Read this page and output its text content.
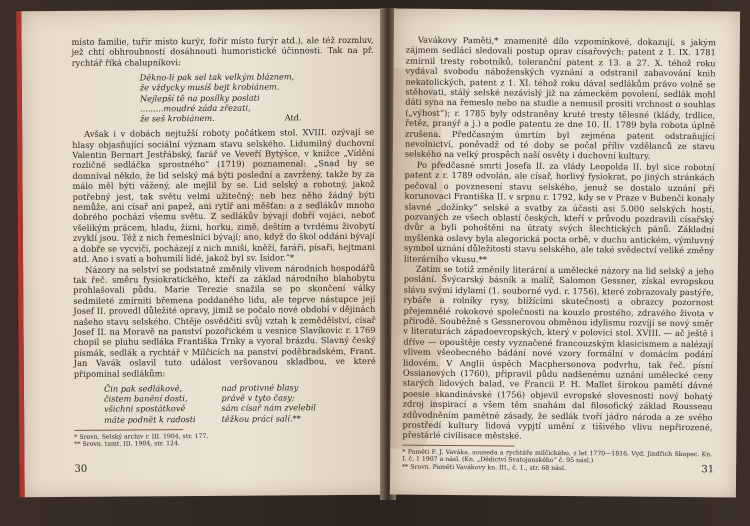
místo familie, tuřír místo kurýr, fořír místo furýr atd.), ale též rozmluv, jež chtí obhroubností dosáhnouti humoristické účinnosti. Tak na př. rychtář říká chalupníkovi:

Děkno-li pak sel tak velkým bláznem,
že vždycky musíš bejt krobiánem.
Nejlepší tě na posílky poslati
.........moudré záda zřezati,
že seš krobiánem.	Atd.

Avšak i v dobách nejtužší roboty počátkem stol. XVIII. ozývají se hlasy objasňující sociální význam stavu selského. Lidumilný duchovní Valentin Bernart Jestřábský, farář ve Veveří Bytýšce, v knížce „Vídění rozličné sedláčka sprostného“ (1719) poznamenal: „Snad by se domníval někdo, že lid selský má býti poslední a zavržený, takže by za málo měl býti vážený, ale mejlil by se. Lid selský a robotný, jakož potřebný jest, tak světu velmi užitečný; neb bez něho žádný býti nemůže, ani císař ani papež, ani rytíř ani měšťan: a z sedlákův mnoho dobrého pochází všemu světu. Z sedlákův bývají dobří vojáci, neboť všelikým prácem, hladu, žízni, horku, zimě, deštím a tvrdému živobytí zvyklí jsou. Též z nich řemeslníci bývají; ano, když do škol oddáni bývají a dobře se vycvičí, pocházejí z nich mniši, kněží, faráři, písaři, hejtmani atd. Ano i svatí a bohumilí lidé, jakož byl sv. Isidor.“*

Názory na selství se podstatně změnily vlivem národních hospodářů tak řeč. směru fysiokratického, kteří za základ národního blahobytu prohlašovali půdu. Marie Terezie snažila se po skončení války sedmileté zmírniti břemena poddaného lidu, ale teprve nástupce její Josef II. provedl důležité opravy, jimiž se počalo nové období v dějinách našeho stavu selského. Chtěje osvědčiti svůj vztah k zemědělství, císař Josef II. na Moravě na panství pozořickém u vesnice Slavíkovic r. 1769 chopil se pluhu sedláka Františka Trnky a vyoral brázdu. Slavný český písmák, sedlák a rychtář v Milčicích na panství poděbradském, Frant. Jan Vavák oslavil tuto událost veršovanou skladbou, ve které připomínal sedlákům:

Čin pak sedlákově,
čistem banění dosti,
všichni spostátkově
máte podnět k radosti
nad protivné blasy
právě v tyto časy;
sám císař nám zvelebil
těžkou práci salí.**
* Srovn. Selský archiv r. III. 1904, str. 177.
** Srovn. tamt. III. 1904, str. 124.
30

Vavákovy Paměti,* znamenité dílo vzpomínkové, dokazují, s jakým zájmem sedláci sledovali postup oprav císařových: patent z 1. IX. 1781 zmírnil tresty robotníků, toleranční patent z 13. a 27. X. téhož roku vydával svobodu náboženských vyznání a odstranil zabavování knih nekatolických, patent z 1. XI. téhož roku dával sedlákům právo volně se stěhovati, stálý selské nezávislý již na zámeckém povolení, sedlák mohl dáti syna na řemeslo nebo na studie a nemusil prositi vrchnost o souhlas („výhost“); r. 1785 byly odstraněny kruté tresty tělesné (klády, trdlice, řetěz, pranýř a j.) a podle patentu ze dne 10. II. 1789 byla robota úplně zrušena. Předčasným úmrtím byl zejména patent odstraňující nevolnictví, poněvadž od té doby se počal příliv vzdělanců ze stavu selského na velký prospěch naší osvěty i duchovní kultury.

Po předčasné smrti Josefa II. za vlády Leopolda II. byl sice robotní patent z r. 1789 odvolán, ale císař, horlivý fysiokrat, po jiných stránkách pečoval o povznesení stavu selského, jenuž se dostalo uznání při korunovaci Františka II. v srpnu r. 1792, kdy se v Praze v Bubenči konaly slavné „dožínky“ selské a svatby za účasti asi 5.000 selských hostí, pozvaných ze všech oblastí českých, kteří v průvodu pozdravili císařský dvůr a byli pohoštěni na útraty svých šlechtických pánů. Základní myšlenka oslavy byla alegorická pocta orbě, v duchu antickém, výmluvný symbol uznání důležitosti stavu selského, ale také svědectví veliké změny literárního vkusu.**

Zatím se totiž změnily literární a umělecké názory na lid selský a jeho poslání. Švýcarský básník a malíř, Salomon Gessner, získal evropskou slávu svými idylami (1. souborné vyd. r. 1756), které zobrazovaly pastýře, rybáře a rolníky rysy, blížícími skutečnosti a obrazcy pozornost přejemnělé rokokové společnosti na kouzlo prostého, zdravého života v přírodě. Souběžně s Gessnerovou obměnou idylismu rozvíjí se nový směr v literaturách západoevropských, který v polovici stol. XVIII. — ač ještě i dříve — opouštěje cesty vyznačené francouzským klasicismem a nalézají vlivem všeobecného bádání nové vzory formální v domácím podání lidovém. V Anglii úspěch Macphersonova podvrhu, tak řeč. písní Ossianových (1760), připravil půdu nadšenému uznání umělecké ceny starých lidových balad, ve Francii P. H. Mallet širokou pamětí dávné poesie skandinávské (1756) objevil evropské slovesnosti nový bohatý zdroj inspirací a všem těm snahám dal filosofický základ Rousseau zdůvodněním pamětné zásady, že sedlák tvoří jádro národa a ze svého prostředí kultury lidová vypjtí umění z tišivého vlivu nepřirozené, přestárlé civilisace městské.

* Paměti F. J. Vaváka, souseda a rychtáře milčického, z let 1770—1816. Vyd. Jindřich Skopec. Kn. I. č. 1 1907 a násl. (Kn. „Dědictví Svatojanského“ č. 95 násl.)
** Srovn. Paměti Vavákovy kn. III., č. 1., str. 68 násl.	31
